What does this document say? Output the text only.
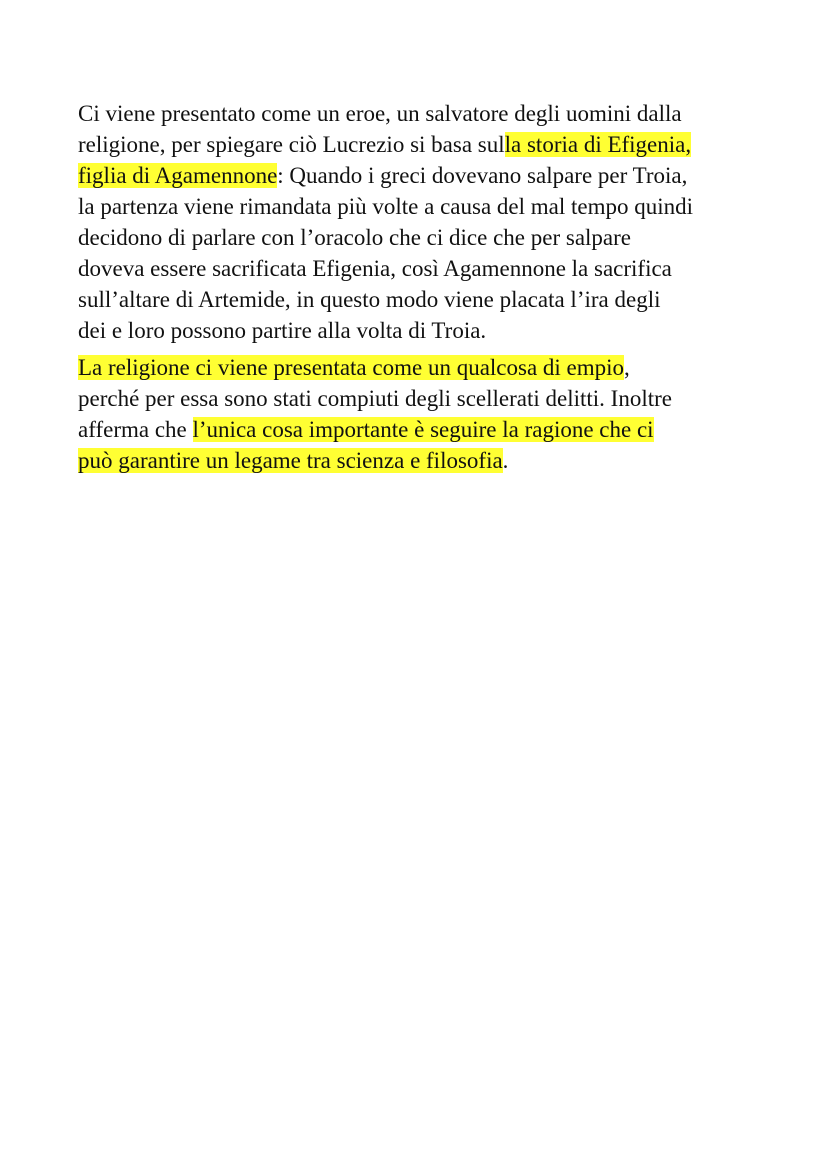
Ci viene presentato come un eroe, un salvatore degli uomini dalla
religione, per spiegare ciò Lucrezio si basa sulla storia di Efigenia,
figlia di Agamennone: Quando i greci dovevano salpare per Troia,
la partenza viene rimandata più volte a causa del mal tempo quindi
decidono di parlare con l’oracolo che ci dice che per salpare
doveva essere sacrificata Efigenia, così Agamennone la sacrifica
sull’altare di Artemide, in questo modo viene placata l’ira degli
dei e loro possono partire alla volta di Troia.

La religione ci viene presentata come un qualcosa di empio,
perché per essa sono stati compiuti degli scellerati delitti. Inoltre
afferma che l’unica cosa importante è seguire la ragione che ci
può garantire un legame tra scienza e filosofia.
